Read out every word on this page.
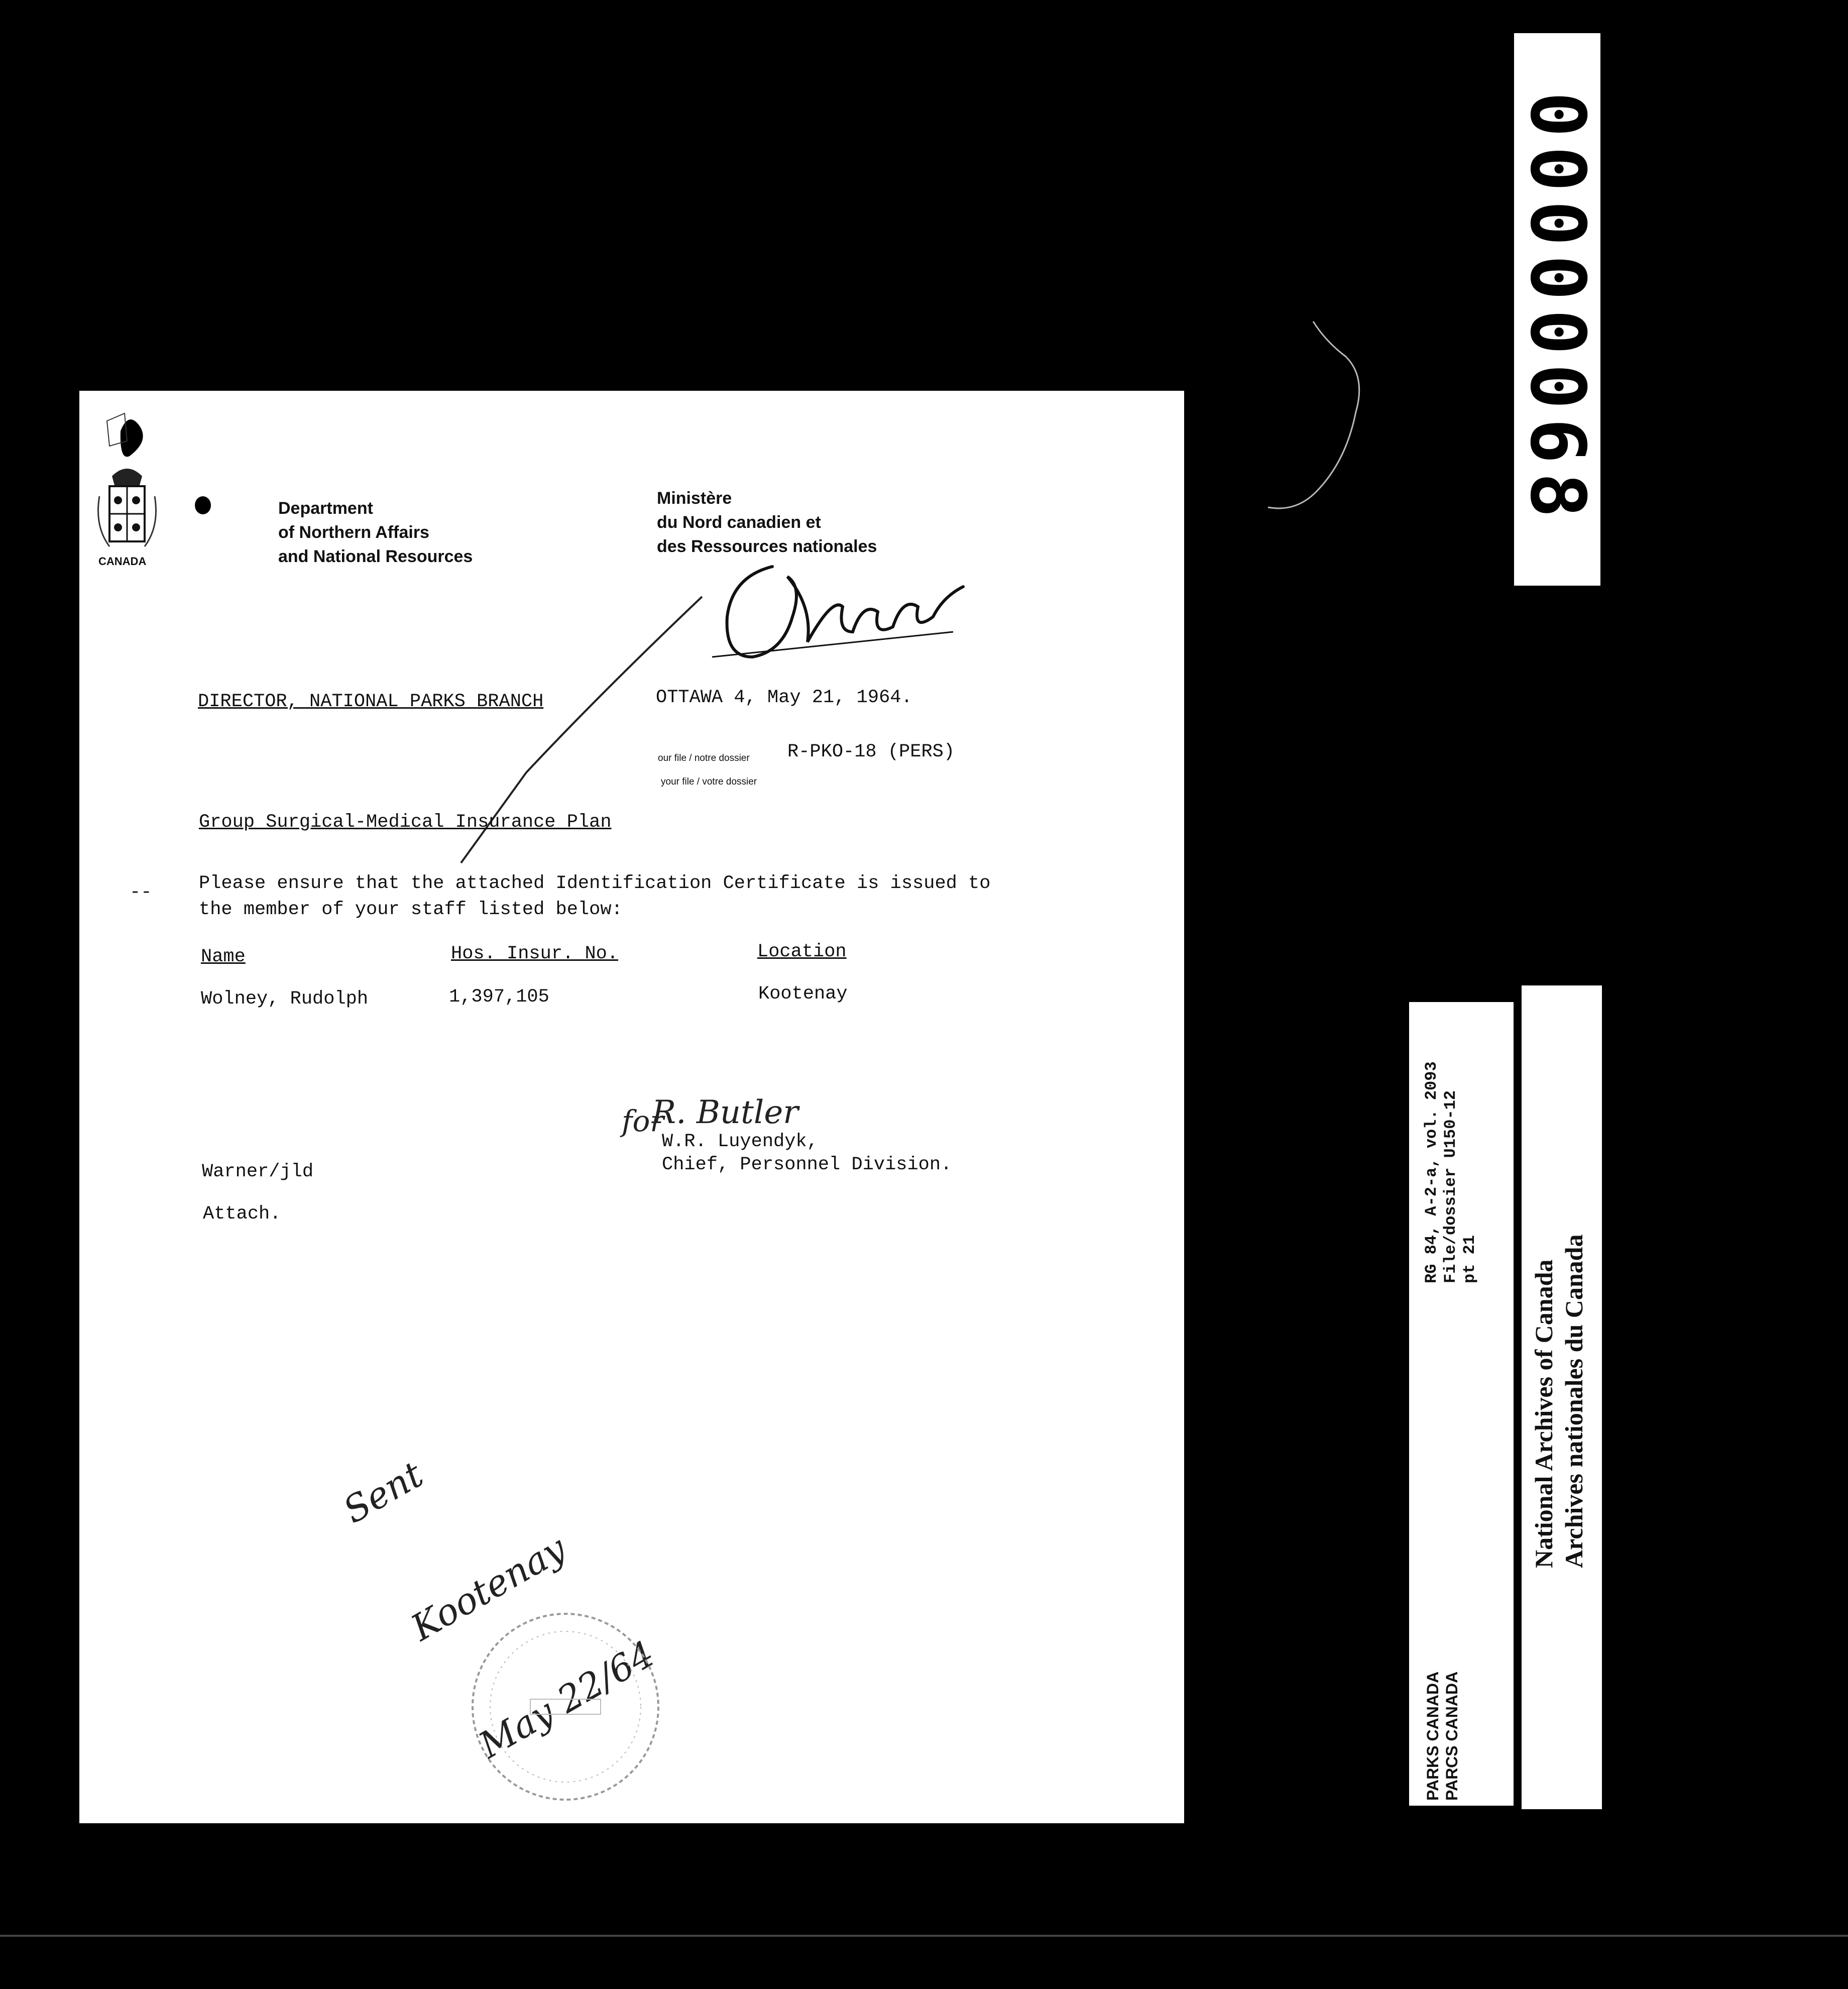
CANADA
Department
of Northern Affairs
and National Resources
Ministère
du Nord canadien et
des Ressources nationales
DIRECTOR, NATIONAL PARKS BRANCH	OTTAWA 4, May 21, 1964.
our file / notre dossier R-PKO-18 (PERS)
your file / votre dossier
Group Surgical-Medical Insurance Plan
--	Please ensure that the attached Identification Certificate is issued to
the member of your staff listed below:
Name	Hos. Insur. No.	Location
Wolney, Rudolph	1,397,105	Kootenay
for
R. Butler
W.R. Luyendyk,
Chief, Personnel Division.
Warner/jld
Attach.

Sent

Kootenay

May 22/64

00000068
PARKS CANADA PARCS CANADA
RG 84, A-2-a, vol. 2093 File/dossier U150-12 pt 21
National Archives of Canada Archives nationales du Canada
